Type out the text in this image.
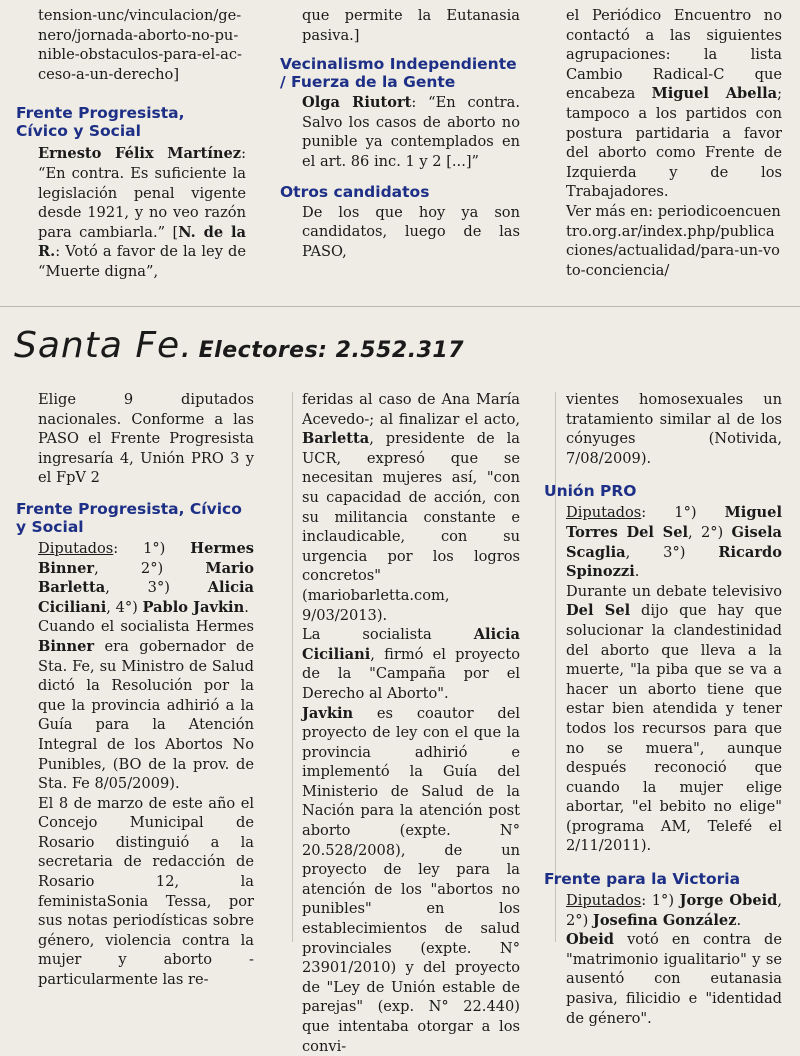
tension-unc/vinculacion/ge-

nero/jornada-aborto-no-pu-

nible-obstaculos-para-el-ac-

ceso-a-un-derecho]

Frente Progresista, Cívico y Social

Ernesto Félix Martínez: “En contra. Es suficiente la legislación penal vigente desde 1921, y no veo razón para cambiarla.” [N. de la R.: Votó a favor de la ley de “Muerte digna”,

que permite la Eutanasia pasiva.]

Vecinalismo Independiente / Fuerza de la Gente

Olga Riutort: “En contra. Salvo los casos de aborto no punible ya contemplados en el art. 86 inc. 1 y 2 [...]”

Otros candidatos

De los que hoy ya son candidatos, luego de las PASO,

el Periódico Encuentro no contactó a las siguientes agrupaciones: la lista Cambio Radical-C que encabeza Miguel Abella; tampoco a los partidos con postura partidaria a favor del aborto como Frente de Izquierda y de los Trabajadores.

Ver más en: periodicoencuentro.org.ar/index.php/publicaciones/actualidad/para-un-voto-conciencia/

Santa Fe. Electores: 2.552.317

Elige 9 diputados nacionales. Conforme a las PASO el Frente Progresista ingresaría 4, Unión PRO 3 y el FpV 2

Frente Progresista, Cívico y Social

Diputados: 1°) Hermes Binner, 2°) Mario Barletta, 3°) Alicia Ciciliani, 4°) Pablo Javkin.

Cuando el socialista Hermes Binner era gobernador de Sta. Fe, su Ministro de Salud dictó la Resolución por la que la provincia adhirió a la Guía para la Atención Integral de los Abortos No Punibles, (BO de la prov. de Sta. Fe 8/05/2009).

El 8 de marzo de este año el Concejo Municipal de Rosario distinguió a la secretaria de redacción de Rosario 12, la feministaSonia Tessa, por sus notas periodísticas sobre género, violencia contra la mujer y aborto -particularmente las re-

feridas al caso de Ana María Acevedo-; al finalizar el acto, Barletta, presidente de la UCR, expresó que se necesitan mujeres así, "con su capacidad de acción, con su militancia constante e inclaudicable, con su urgencia por los logros concretos" (mariobarletta.com, 9/03/2013).

La socialista Alicia Ciciliani, firmó el proyecto de la "Campaña por el Derecho al Aborto".

Javkin es coautor del proyecto de ley con el que la provincia adhirió e implementó la Guía del Ministerio de Salud de la Nación para la atención post aborto (expte. N° 20.528/2008), de un proyecto de ley para la atención de los "abortos no punibles" en los establecimientos de salud provinciales (expte. N° 23901/2010) y del proyecto de "Ley de Unión estable de parejas" (exp. N° 22.440) que intentaba otorgar a los convi-

vientes homosexuales un tratamiento similar al de los cónyuges (Notivida, 7/08/2009).

Unión PRO

Diputados: 1°) Miguel Torres Del Sel, 2°) Gisela Scaglia, 3°) Ricardo Spinozzi.

Durante un debate televisivo Del Sel dijo que hay que solucionar la clandestinidad del aborto que lleva a la muerte, "la piba que se va a hacer un aborto tiene que estar bien atendida y tener todos los recursos para que no se muera", aunque después reconoció que cuando la mujer elige abortar, "el bebito no elige" (programa AM, Telefé el 2/11/2011).

Frente para la Victoria

Diputados: 1°) Jorge Obeid, 2°) Josefina González.

Obeid votó en contra de "matrimonio igualitario" y se ausentó con eutanasia pasiva, filicidio e "identidad de género".
